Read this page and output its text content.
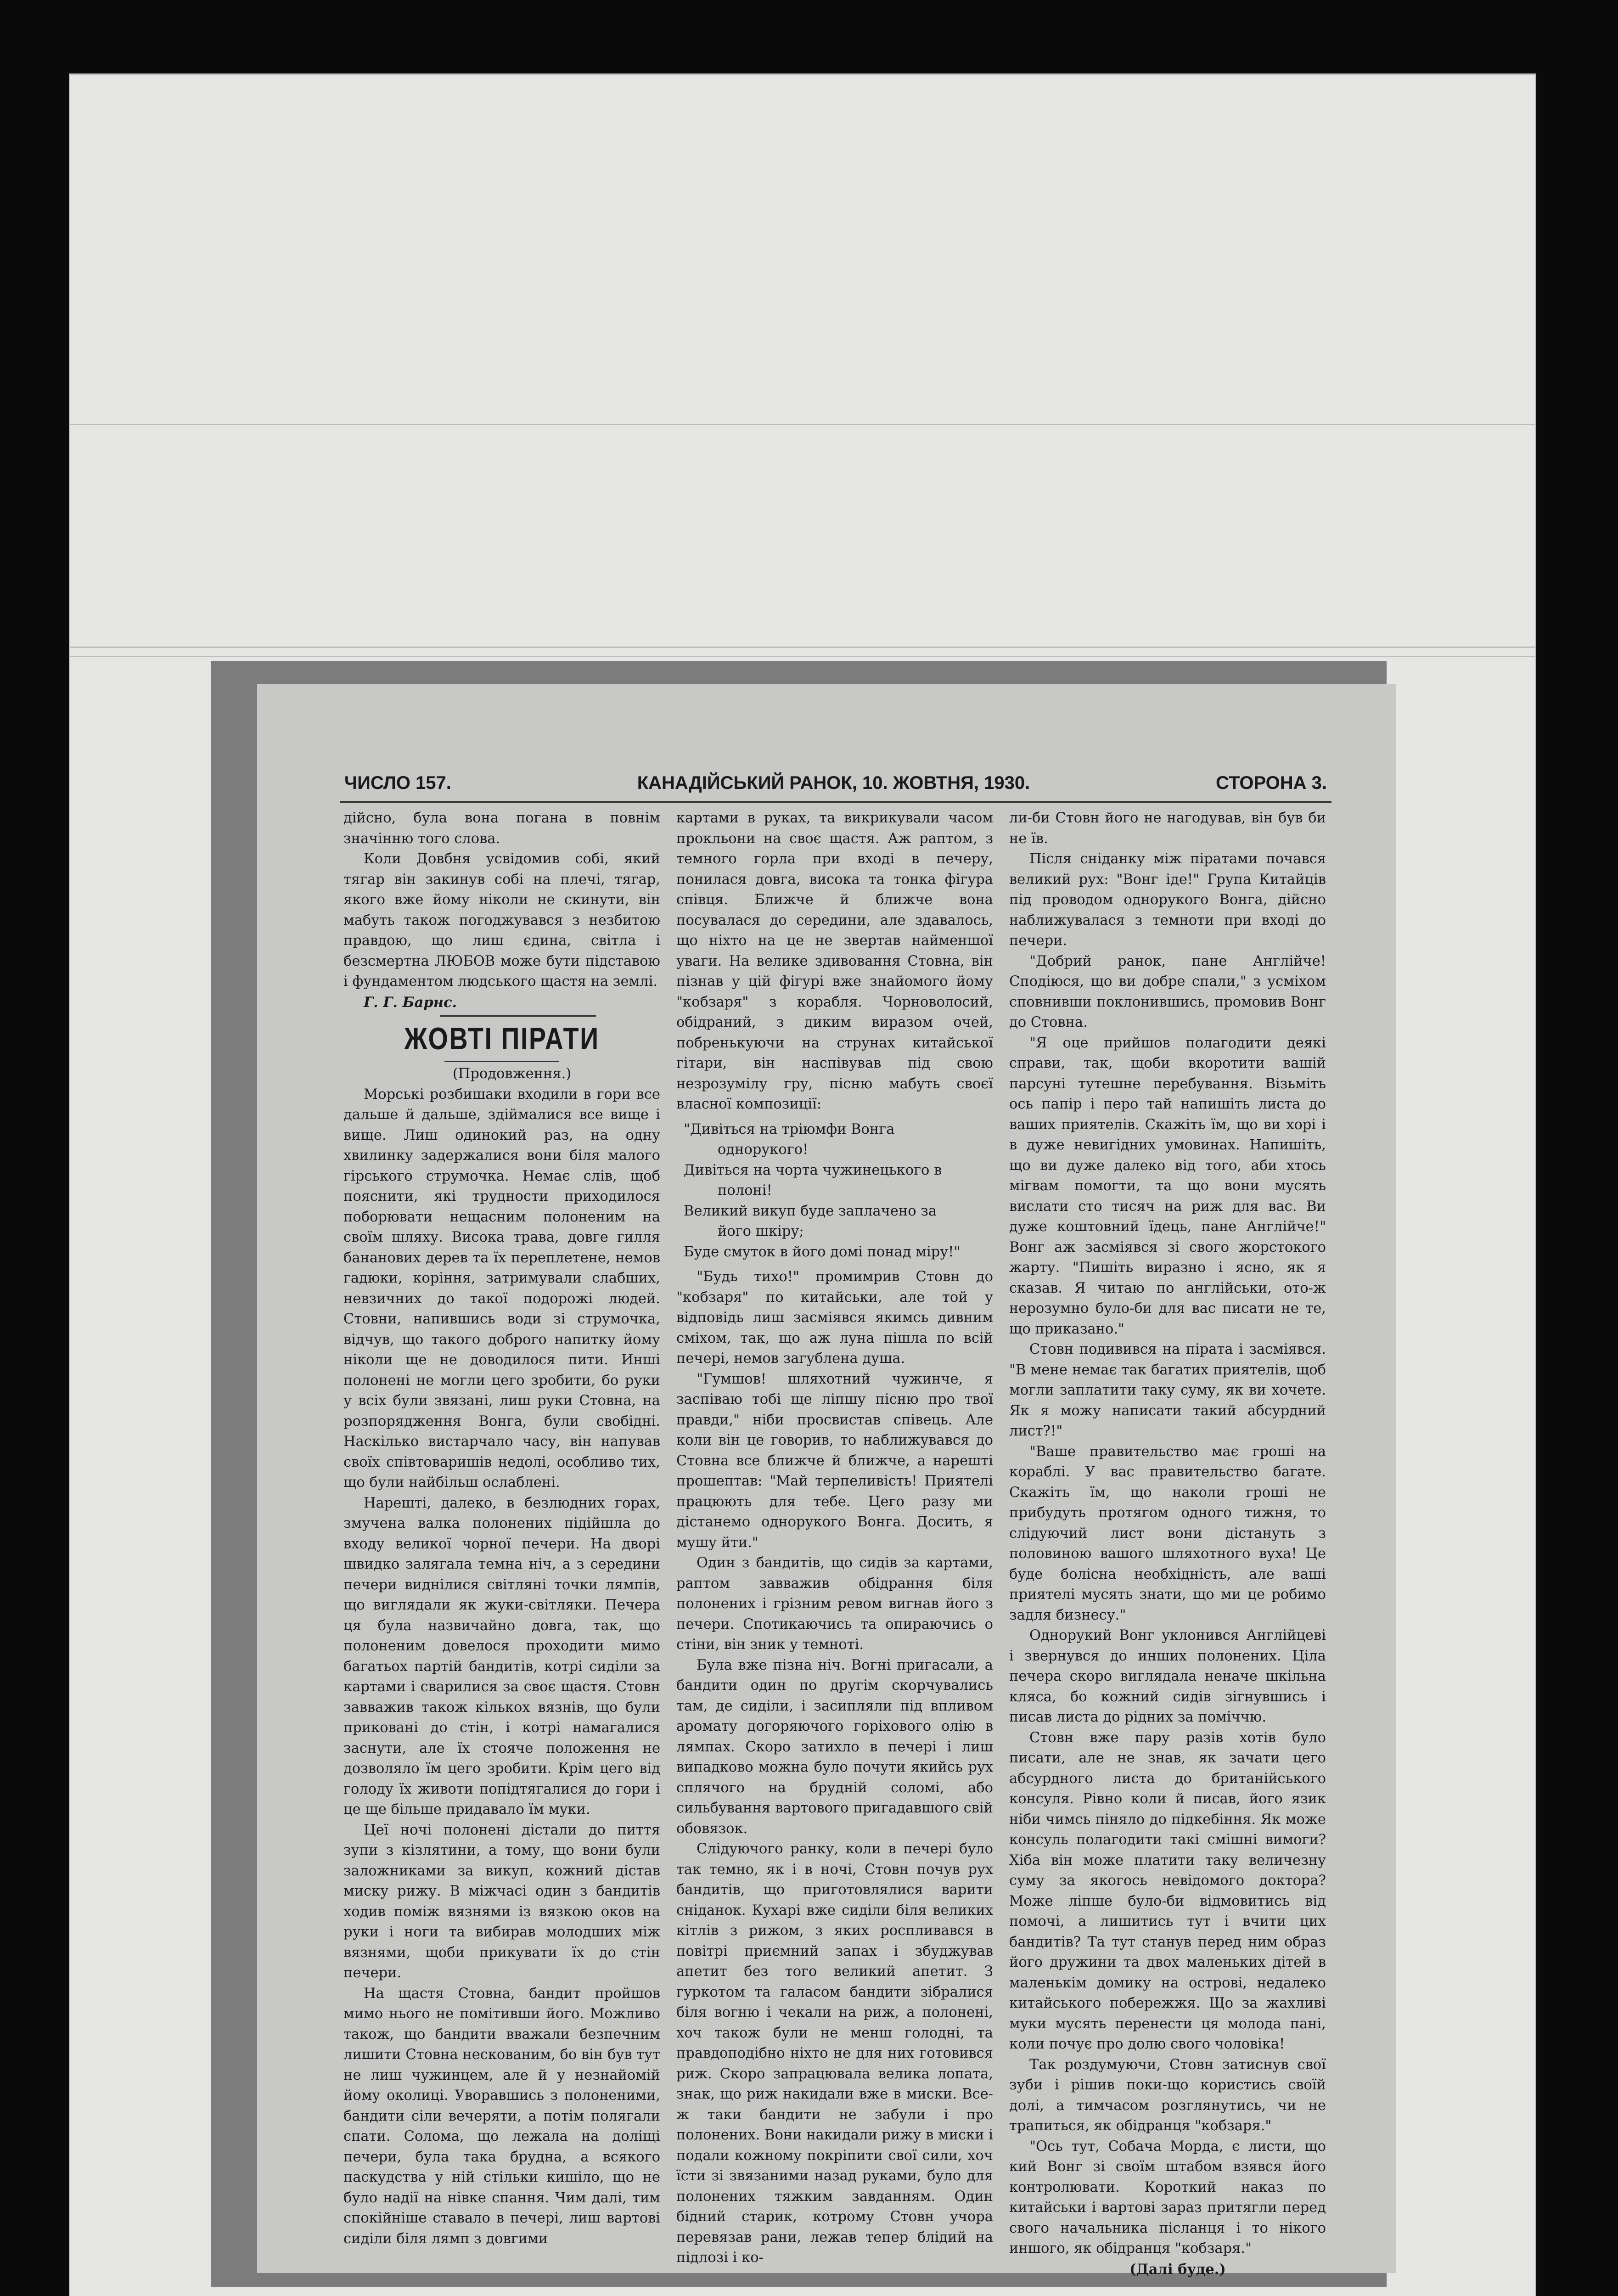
ЧИСЛО 157.	КАНАДІЙСЬКИЙ РАНОК, 10. ЖОВТНЯ, 1930.	СТОРОНА 3.

дійсно, була вона погана в повнім значінню того слова.

Коли Довбня усвідомив собі, який тягар він закинув собі на плечі, тягар, якого вже йому ніколи не скинути, він мабуть також погоджувався з незбитою правдою, що лиш єдина, світла і безсмертна ЛЮБОВ може бути підставою і фундаментом людського щастя на землі.

Г. Г. Барнс.

ЖОВТІ ПІРАТИ

(Продовження.)

Морські розбишаки входили в гори все дальше й дальше, здіймалися все вище і вище. Лиш одинокий раз, на одну хвилинку задержалися вони біля малого гірського струмочка. Немає слів, щоб пояснити, які трудности приходилося поборювати нещасним полоненим на своїм шляху. Висока трава, довге гилля бананових дерев та їх переплетене, немов гадюки, коріння, затримували слабших, невзичних до такої подорожі людей. Стовни, напившись води зі струмочка, відчув, що такого доброго напитку йому ніколи ще не доводилося пити. Инші полонені не могли цего зробити, бо руки у всіх були звязані, лиш руки Стовна, на розпорядження Вонга, були свобідні. Наскілько вистарчало часу, він напував своїх співтоваришів недолі, особливо тих, що були найбільш ослаблені.

Нарешті, далеко, в безлюдних горах, змучена валка полонених підійшла до входу великої чорної печери. На дворі швидко залягала темна ніч, а з середини печери виднілися світляні точки лямпів, що виглядали як жуки-світляки. Печера ця була назвичайно довга, так, що полоненим довелося проходити мимо багатьох партій бандитів, котрі сиділи за картами і сварилися за своє щастя. Стовн завважив також кількох вязнів, що були приковані до стін, і котрі намагалися заснути, але їх стояче положення не дозволяло їм цего зробити. Крім цего від голоду їх животи попідтягалися до гори і це ще більше придавало їм муки.

Цеї ночі полонені дістали до пиття зупи з кізлятини, а тому, що вони були заложниками за викуп, кожний дістав миску рижу. В міжчасі один з бандитів ходив поміж вязнями із вязкою оков на руки і ноги та вибирав молодших між вязнями, щоби прикувати їх до стін печери.

На щастя Стовна, бандит пройшов мимо нього не помітивши його. Можливо також, що бандити вважали безпечним лишити Стовна нескованим, бо він був тут не лиш чужинцем, але й у незнайомій йому околиці. Уворавшись з полоненими, бандити сіли вечеряти, а потім полягали спати. Солома, що лежала на доліщі печери, була така брудна, а всякого паскудства у ній стільки кишіло, що не було надії на нівке спання. Чим далі, тим спокійніше ставало в печері, лиш вартові сиділи біля лямп з довгими

картами в руках, та викрикували часом прокльони на своє щастя. Аж раптом, з темного горла при вході в печеру, понилася довга, висока та тонка фігура співця. Ближче й ближче вона посувалася до середини, але здавалось, що ніхто на це не звертав найменшої уваги. На велике здивовання Стовна, він пізнав у цій фігурі вже знайомого йому "кобзаря" з корабля. Чорноволосий, обідраний, з диким виразом очей, побренькуючи на струнах китайської гітари, він наспівував під свою незрозумілу гру, пісню мабуть своєї власної композиції:

"Дивіться на тріюмфи Вонга
однорукого!
Дивіться на чорта чужинецького в
полоні!
Великий викуп буде заплачено за
його шкіру;
Буде смуток в його домі понад міру!"

"Будь тихо!" промимрив Стовн до "кобзаря" по китайськи, але той у відповідь лиш засміявся якимсь дивним сміхом, так, що аж луна пішла по всій печері, немов загублена душа.

"Гумшов! шляхотний чужинче, я заспіваю тобі ще ліпшу пісню про твої правди," ніби просвистав співець. Але коли він це говорив, то наближувався до Стовна все ближче й ближче, а нарешті прошептав: "Май терпеливість! Приятелі працюють для тебе. Цего разу ми дістанемо однорукого Вонга. Досить, я мушу йти."

Один з бандитів, що сидів за картами, раптом завважив обідрання біля полонених і грізним ревом вигнав його з печери. Спотикаючись та опираючись о стіни, він зник у темноті.

Була вже пізна ніч. Вогні пригасали, а бандити один по другім скорчувались там, де сиділи, і засипляли під впливом аромату догоряючого горіхового олію в лямпах. Скоро затихло в печері і лиш випадково можна було почути якийсь рух сплячого на брудній соломі, або сильбування вартового пригадавшого свій обовязок.

Слідуючого ранку, коли в печері було так темно, як і в ночі, Стовн почув рух бандитів, що приготовлялися варити сніданок. Кухарі вже сиділи біля великих кітлів з рижом, з яких роспливався в повітрі приємний запах і збуджував апетит без того великий апетит. З гуркотом та галасом бандити зібралися біля вогню і чекали на риж, а полонені, хоч також були не менш голодні, та правдоподібно ніхто не для них готовився риж. Скоро запрацювала велика лопата, знак, що риж накидали вже в миски. Все-ж таки бандити не забули і про полонених. Вони накидали рижу в миски і подали кожному покріпити свої сили, хоч їсти зі звязаними назад руками, було для полонених тяжким завданням. Один бідний старик, котрому Стовн учора перевязав рани, лежав тепер блідий на підлозі і ко-

ли-би Стовн його не нагодував, він був би не їв.

Після сніданку між піратами почався великий рух: "Вонг іде!" Група Китайців під проводом однорукого Вонга, дійсно наближувалася з темноти при вході до печери.

"Добрий ранок, пане Англійче! Сподіюся, що ви добре спали," з усміхом сповнивши поклонившись, промовив Вонг до Стовна.

"Я оце прийшов полагодити деякі справи, так, щоби вкоротити вашій парсуні тутешне перебування. Візьміть ось папір і перо тай напишіть листа до ваших приятелів. Скажіть їм, що ви хорі і в дуже невигідних умовинах. Напишіть, що ви дуже далеко від того, аби хтось мігвам помогти, та що вони мусять вислати сто тисяч на риж для вас. Ви дуже коштовний їдець, пане Англійче!" Вонг аж засміявся зі свого жорстокого жарту. "Пишіть виразно і ясно, як я сказав. Я читаю по англійськи, ото-ж нерозумно було-би для вас писати не те, що приказано."

Стовн подивився на пірата і засміявся. "В мене немає так багатих приятелів, щоб могли заплатити таку суму, як ви хочете. Як я можу написати такий абсурдний лист?!"

"Ваше правительство має гроші на кораблі. У вас правительство багате. Скажіть їм, що наколи гроші не прибудуть протягом одного тижня, то слідуючий лист вони дістануть з половиною вашого шляхотного вуха! Це буде болісна необхідність, але ваші приятелі мусять знати, що ми це робимо задля бизнесу."

Однорукий Вонг уклонився Англійцеві і звернувся до инших полонених. Ціла печера скоро виглядала неначе шкільна кляса, бо кожний сидів зігнувшись і писав листа до рідних за поміччю.

Стовн вже пару разів хотів було писати, але не знав, як зачати цего абсурдного листа до британійського консуля. Рівно коли й писав, його язик ніби чимсь піняло до підкебіння. Як може консуль полагодити такі смішні вимоги? Хіба він може платити таку величезну суму за якогось невідомого доктора? Може ліпше було-би відмовитись від помочі, а лишитись тут і вчити цих бандитів? Та тут станув перед ним образ його дружини та двох маленьких дітей в маленькім домику на острові, недалеко китайського побережжя. Що за жахливі муки мусять перенести ця молода пані, коли почує про долю свого чоловіка!

Так роздумуючи, Стовн затиснув свої зуби і рішив поки-що користись своїй долі, а тимчасом розглянутись, чи не трапиться, як обідранця "кобзаря."

"Ось тут, Собача Морда, є листи, що кий Вонг зі своїм штабом взявся його контролювати. Короткий наказ по китайськи і вартові зараз притягли перед свого начальника післанця і то нікого иншого, як обідранця "кобзаря."

(Далі буде.)
